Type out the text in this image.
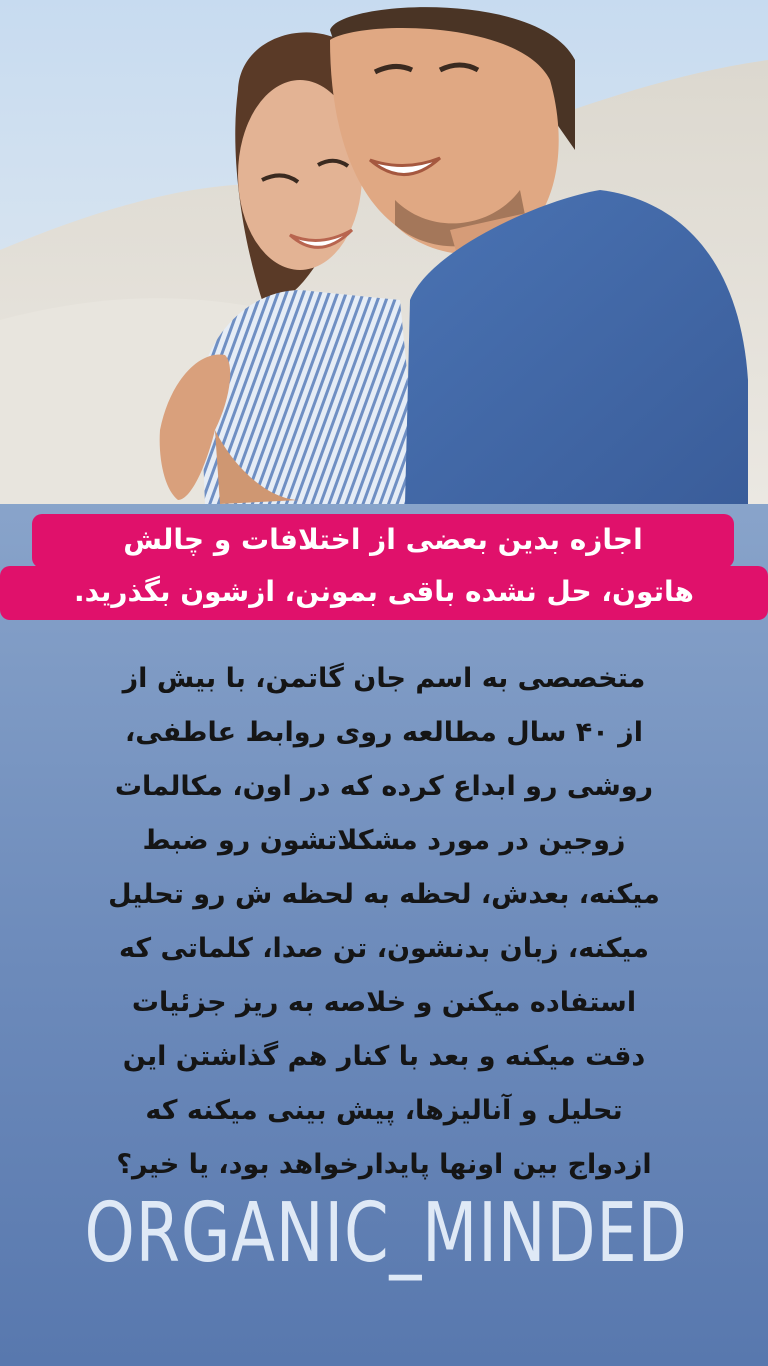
اجازه بدین بعضی از اختلافات و چالش
هاتون، حل نشده باقی بمونن، ازشون بگذرید.
متخصصی به اسم جان گاتمن، با بیش از
از ۴۰ سال مطالعه روی روابط عاطفی،
روشی رو ابداع کرده که در اون، مکالمات
زوجین در مورد مشکلاتشون رو ضبط
میکنه، بعدش، لحظه به لحظه ش رو تحلیل
میکنه، زبان بدنشون، تن صدا، کلماتی که
استفاده میکنن و خلاصه به ریز جزئیات
دقت میکنه و بعد با کنار هم گذاشتن این
تحلیل و آنالیزها، پیش بینی میکنه که
ازدواج بین اونها پایدارخواهد بود، یا خیر؟
ORGANIC_MINDED
